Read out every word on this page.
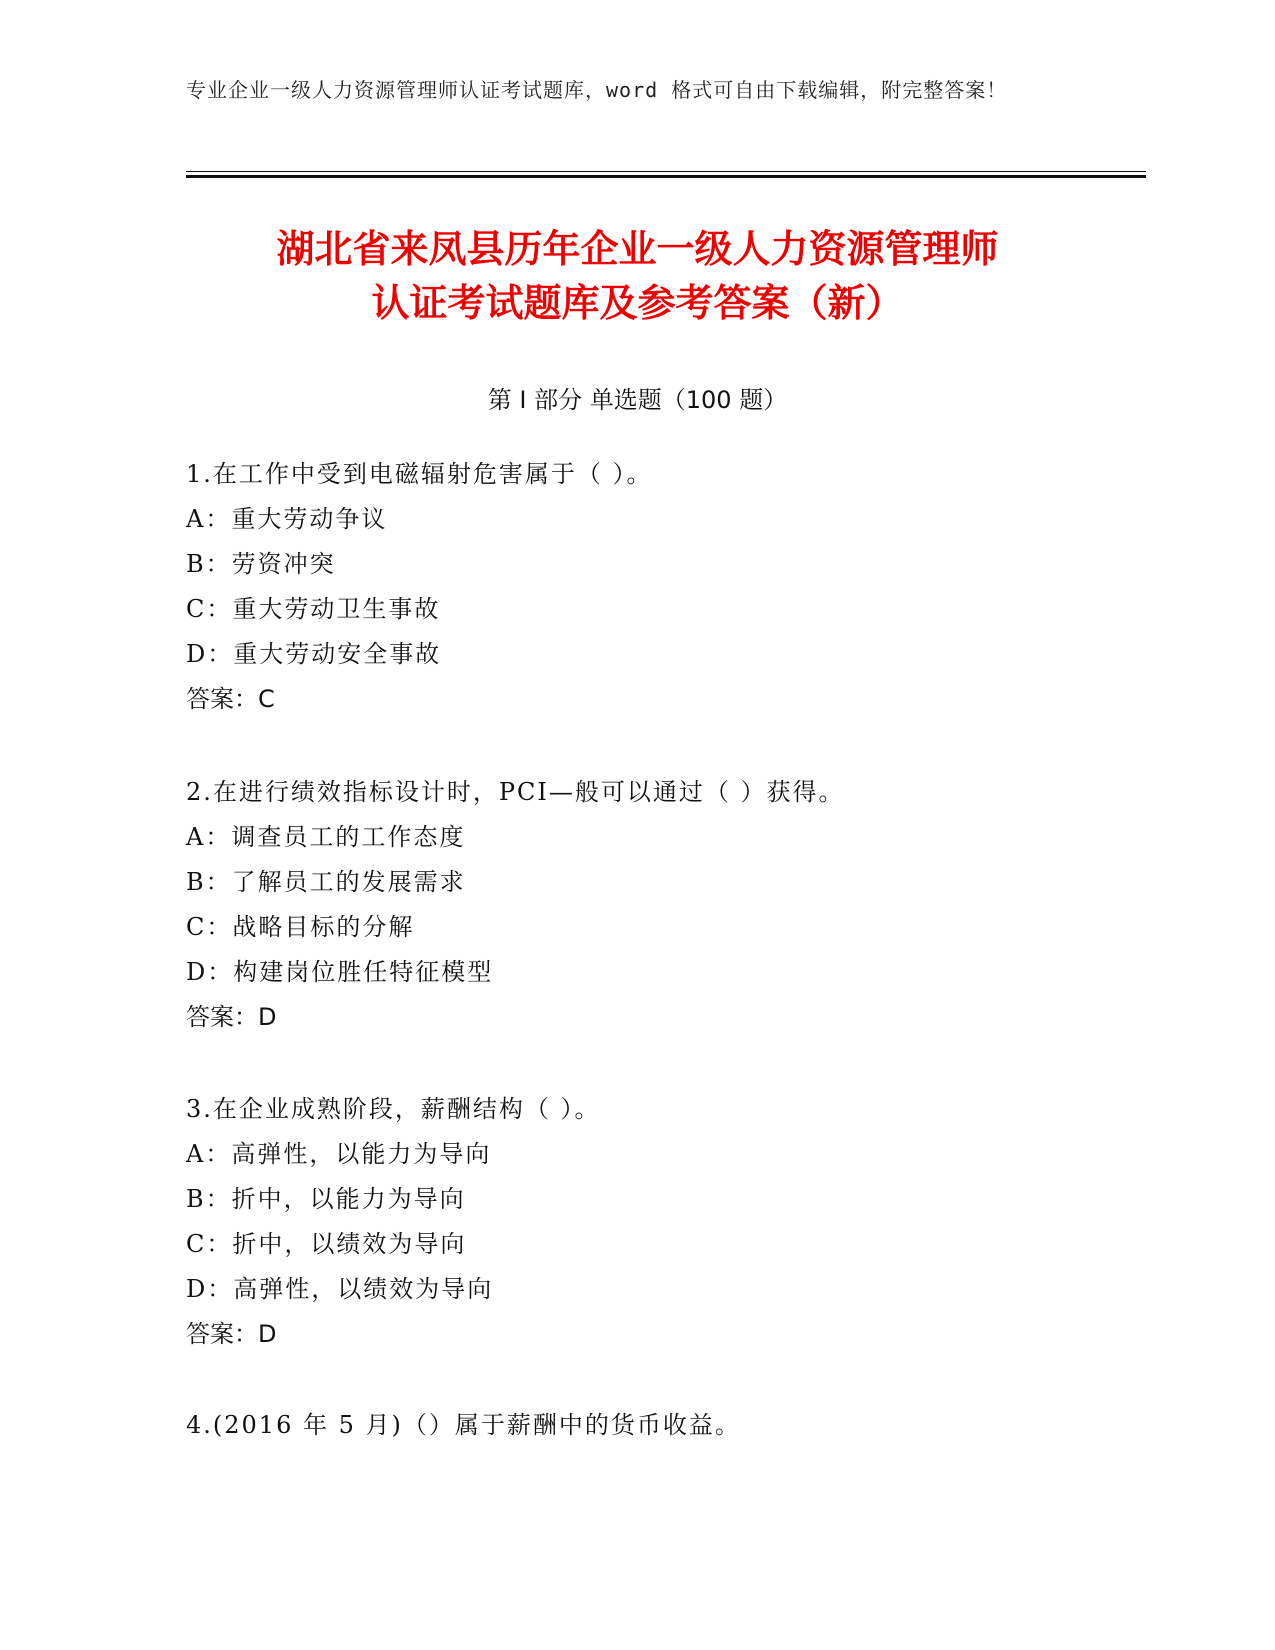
专业企业一级人力资源管理师认证考试题库，word 格式可自由下载编辑，附完整答案！
湖北省来凤县历年企业一级人力资源管理师
认证考试题库及参考答案（新）
第 I 部分 单选题（100 题）
1.在工作中受到电磁辐射危害属于（ ）。
A：重大劳动争议
B：劳资冲突
C：重大劳动卫生事故
D：重大劳动安全事故
答案：C
2.在进行绩效指标设计时，PCI—般可以通过（ ）获得。
A：调查员工的工作态度
B：了解员工的发展需求
C：战略目标的分解
D：构建岗位胜任特征模型
答案：D
3.在企业成熟阶段，薪酬结构（ ）。
A：高弹性，以能力为导向
B：折中，以能力为导向
C：折中，以绩效为导向
D：高弹性，以绩效为导向
答案：D
4.(2016 年 5 月)（）属于薪酬中的货币收益。
